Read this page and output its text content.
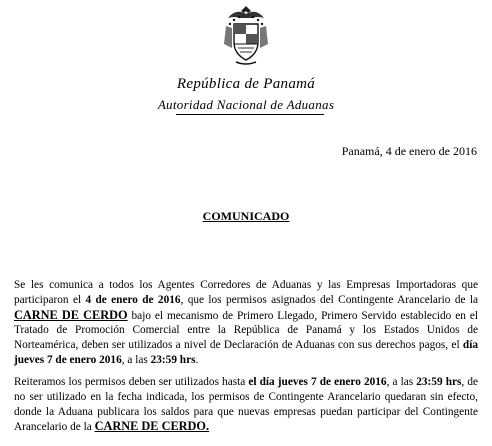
República de Panamá
Autoridad Nacional de Aduanas
Panamá, 4 de enero de 2016
COMUNICADO
Se les comunica a todos los Agentes Corredores de Aduanas y las Empresas Importadoras que participaron el 4 de enero de 2016, que los permisos asignados del Contingente Arancelario de la CARNE DE CERDO bajo el mecanismo de Primero Llegado, Primero Servido establecido en el Tratado de Promoción Comercial entre la República de Panamá y los Estados Unidos de Norteamérica, deben ser utilizados a nivel de Declaración de Aduanas con sus derechos pagos, el día jueves 7 de enero 2016, a las 23:59 hrs.
Reiteramos los permisos deben ser utilizados hasta el día jueves 7 de enero 2016, a las 23:59 hrs, de no ser utilizado en la fecha indicada, los permisos de Contingente Arancelario quedaran sin efecto, donde la Aduana publicara los saldos para que nuevas empresas puedan participar del Contingente Arancelario de la CARNE DE CERDO.
